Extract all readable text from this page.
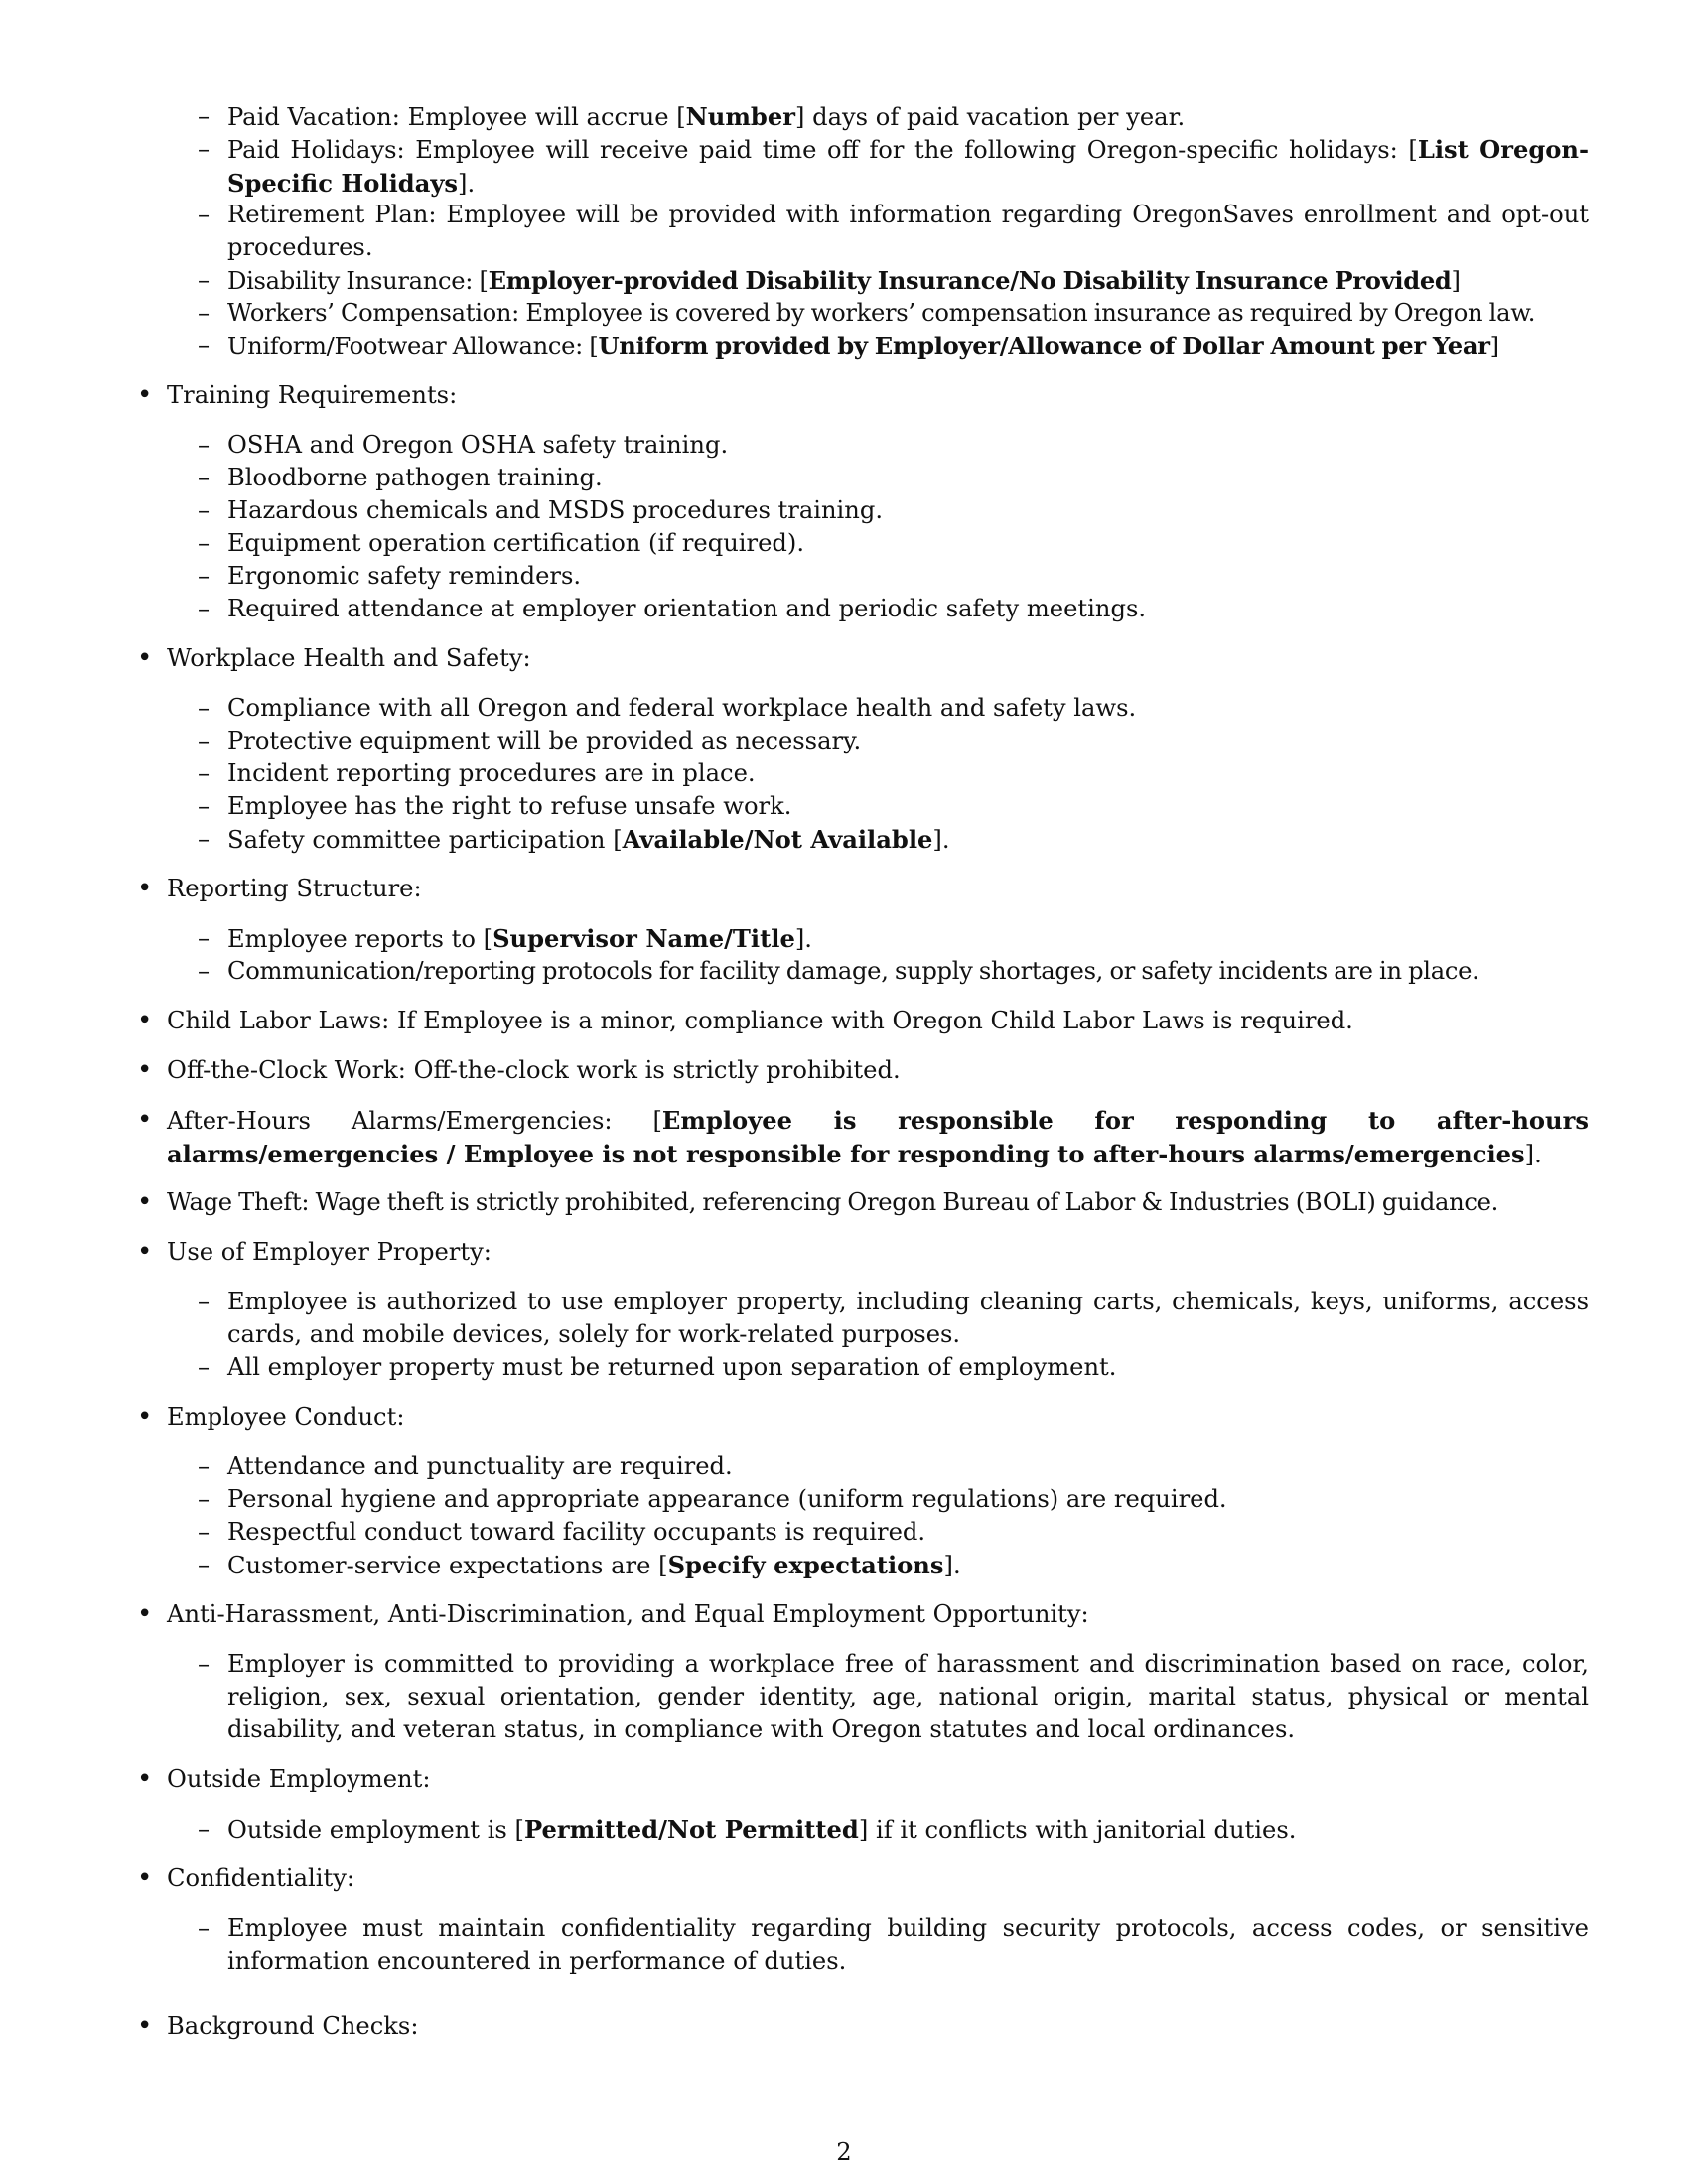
– Paid Vacation: Employee will accrue [Number] days of paid vacation per year.

– Paid Holidays: Employee will receive paid time off for the following Oregon-specific holidays: [List Oregon-Specific Holidays].

– Retirement Plan: Employee will be provided with information regarding OregonSaves enrollment and opt-out procedures.

– Disability Insurance: [Employer-provided Disability Insurance/No Disability Insurance Provided]

– Workers’ Compensation: Employee is covered by workers’ compensation insurance as required by Oregon law.

– Uniform/Footwear Allowance: [Uniform provided by Employer/Allowance of Dollar Amount per Year]

• Training Requirements:

– OSHA and Oregon OSHA safety training.

– Bloodborne pathogen training.

– Hazardous chemicals and MSDS procedures training.

– Equipment operation certification (if required).

– Ergonomic safety reminders.

– Required attendance at employer orientation and periodic safety meetings.

• Workplace Health and Safety:

– Compliance with all Oregon and federal workplace health and safety laws.

– Protective equipment will be provided as necessary.

– Incident reporting procedures are in place.

– Employee has the right to refuse unsafe work.

– Safety committee participation [Available/Not Available].

• Reporting Structure:

– Employee reports to [Supervisor Name/Title].

– Communication/reporting protocols for facility damage, supply shortages, or safety incidents are in place.

• Child Labor Laws: If Employee is a minor, compliance with Oregon Child Labor Laws is required.

• Off-the-Clock Work: Off-the-clock work is strictly prohibited.

• After-Hours Alarms/Emergencies: [Employee is responsible for responding to after-hours alarms/emergencies / Employee is not responsible for responding to after-hours alarms/emergencies].

• Wage Theft: Wage theft is strictly prohibited, referencing Oregon Bureau of Labor & Industries (BOLI) guidance.

• Use of Employer Property:

– Employee is authorized to use employer property, including cleaning carts, chemicals, keys, uniforms, access cards, and mobile devices, solely for work-related purposes.

– All employer property must be returned upon separation of employment.

• Employee Conduct:

– Attendance and punctuality are required.

– Personal hygiene and appropriate appearance (uniform regulations) are required.

– Respectful conduct toward facility occupants is required.

– Customer-service expectations are [Specify expectations].

• Anti-Harassment, Anti-Discrimination, and Equal Employment Opportunity:

– Employer is committed to providing a workplace free of harassment and discrimination based on race, color, religion, sex, sexual orientation, gender identity, age, national origin, marital status, physical or mental disability, and veteran status, in compliance with Oregon statutes and local ordinances.

• Outside Employment:

– Outside employment is [Permitted/Not Permitted] if it conflicts with janitorial duties.

• Confidentiality:

– Employee must maintain confidentiality regarding building security protocols, access codes, or sensitive information encountered in performance of duties.

• Background Checks:

2
